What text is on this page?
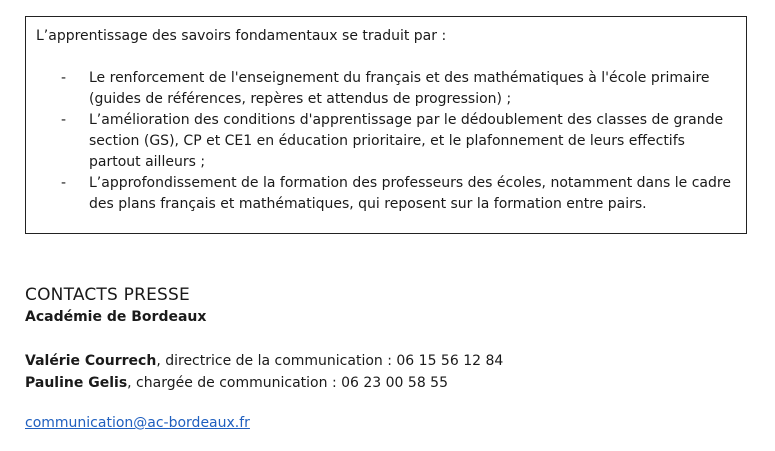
L’apprentissage des savoirs fondamentaux se traduit par :

- Le renforcement de l'enseignement du français et des mathématiques à l'école primaire (guides de références, repères et attendus de progression) ;
- L’amélioration des conditions d'apprentissage par le dédoublement des classes de grande section (GS), CP et CE1 en éducation prioritaire, et le plafonnement de leurs effectifs partout ailleurs ;
- L’approfondissement de la formation des professeurs des écoles, notamment dans le cadre des plans français et mathématiques, qui reposent sur la formation entre pairs.
CONTACTS PRESSE
Académie de Bordeaux

Valérie Courrech, directrice de la communication : 06 15 56 12 84

Pauline Gelis, chargée de communication : 06 23 00 58 55

communication@ac-bordeaux.fr
